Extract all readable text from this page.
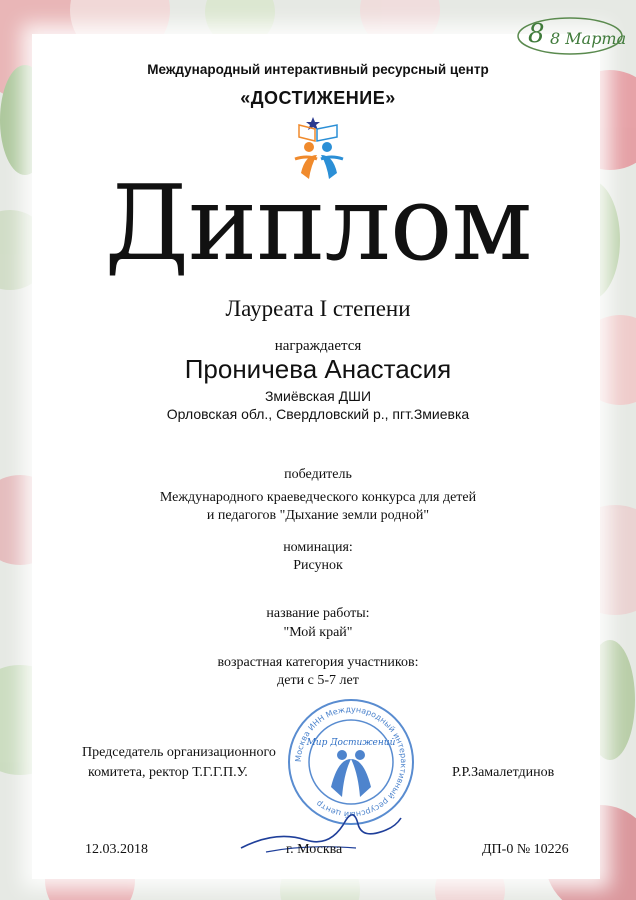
8 8 Марта
Международный интерактивный ресурсный центр
«ДОСТИЖЕНИЕ»
Диплом
Лауреата I степени
награждается
Проничева Анастасия
Змиёвская ДШИ
Орловская обл., Свердловский р., пгт.Змиевка
победитель
Международного краеведческого конкурса для детей
и педагогов "Дыхание земли родной"
номинация:
Рисунок
название работы:
"Мой край"
возрастная категория участников:
дети с 5-7 лет
Москва ИНН Международный интерактивный ресурсный центр
Мир Достижений
Председатель организационного
комитета, ректор Т.Г.Г.П.У.	Р.Р.Замалетдинов
12.03.2018	г. Москва	ДП-0 № 10226
